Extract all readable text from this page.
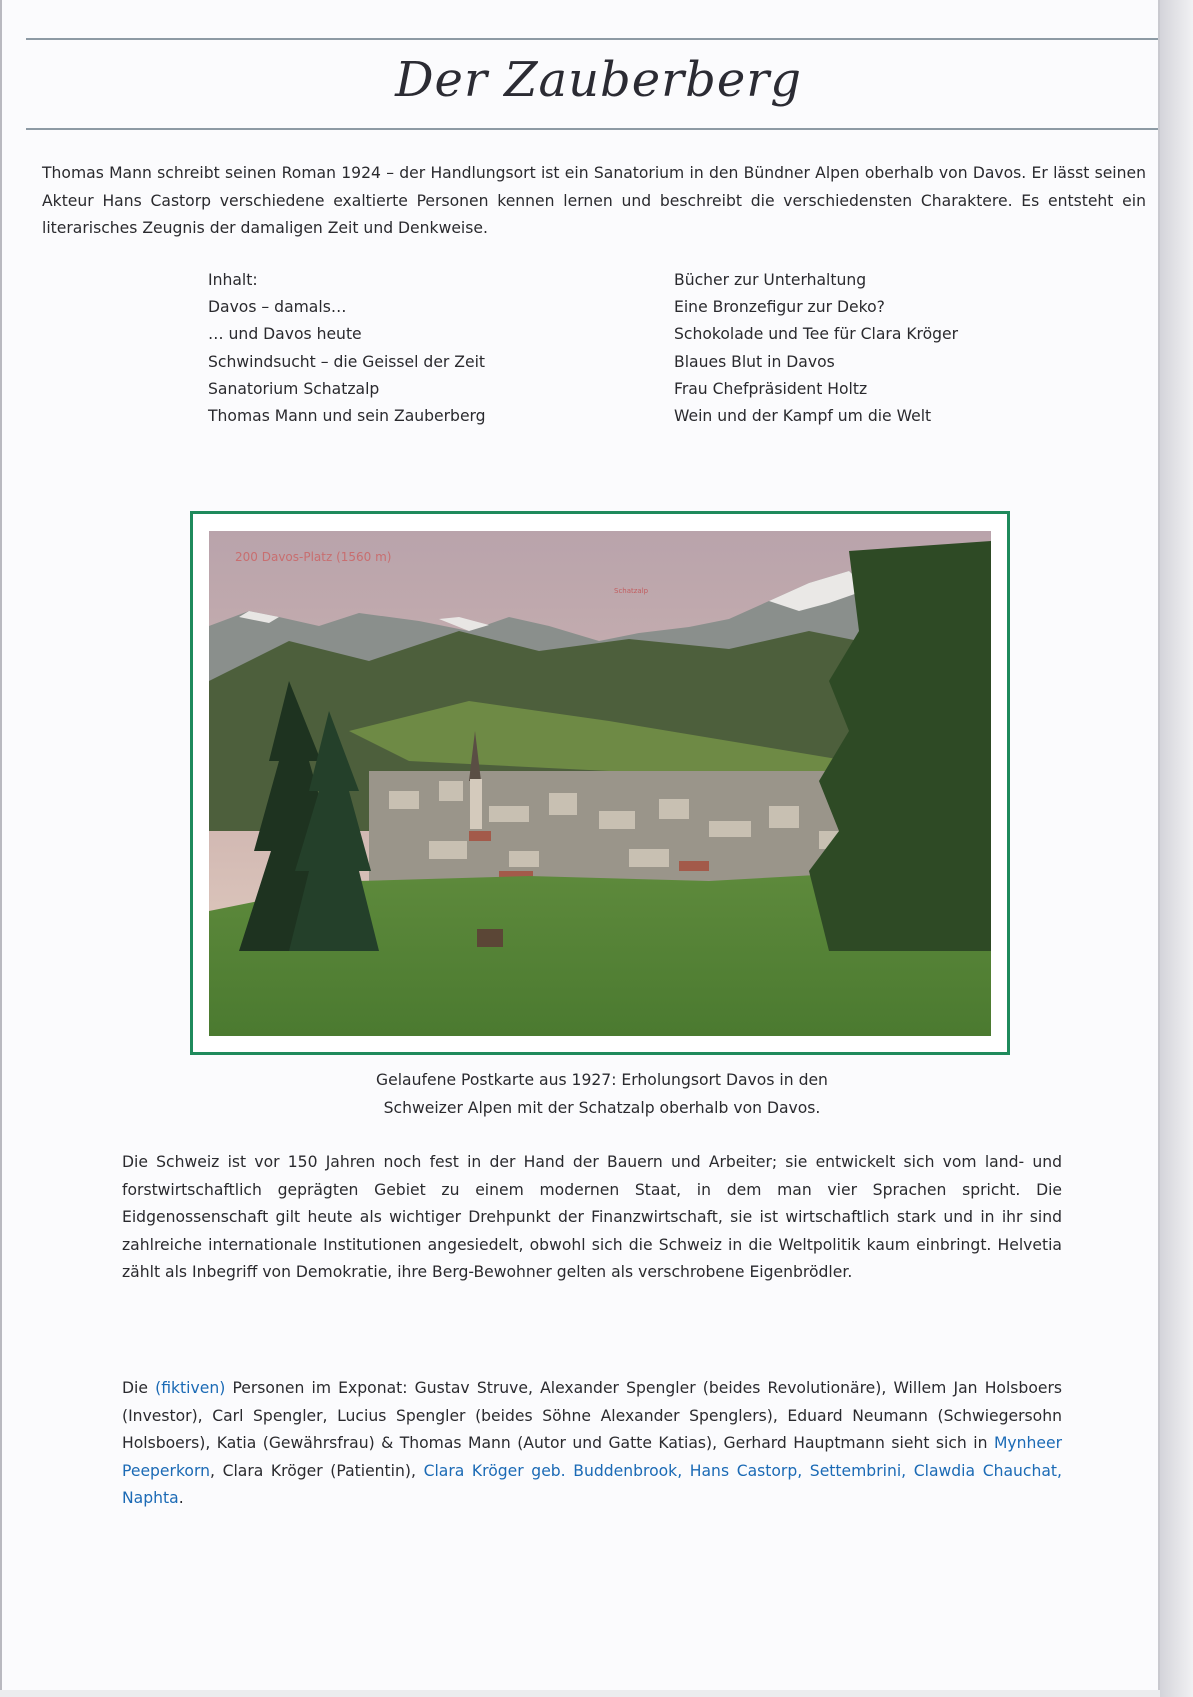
Der Zauberberg
Thomas Mann schreibt seinen Roman 1924 – der Handlungsort ist ein Sanatorium in den Bündner Alpen oberhalb von Davos. Er lässt seinen Akteur Hans Castorp verschiedene exaltierte Personen kennen lernen und beschreibt die verschiedensten Charaktere. Es entsteht ein literarisches Zeugnis der damaligen Zeit und Denkweise.
Inhalt:
Davos – damals…
… und Davos heute
Schwindsucht – die Geissel der Zeit
Sanatorium Schatzalp
Thomas Mann und sein Zauberberg
Bücher zur Unterhaltung
Eine Bronzefigur zur Deko?
Schokolade und Tee für Clara Kröger
Blaues Blut in Davos
Frau Chefpräsident Holtz
Wein und der Kampf um die Welt
200 Davos-Platz (1560 m)
Schatzalp
Gelaufene Postkarte aus 1927: Erholungsort Davos in den
Schweizer Alpen mit der Schatzalp oberhalb von Davos.
Die Schweiz ist vor 150 Jahren noch fest in der Hand der Bauern und Arbeiter; sie entwickelt sich vom land- und forstwirtschaftlich geprägten Gebiet zu einem modernen Staat, in dem man vier Sprachen spricht. Die Eidgenossenschaft gilt heute als wichtiger Drehpunkt der Finanzwirtschaft, sie ist wirtschaftlich stark und in ihr sind zahlreiche internationale Institutionen angesiedelt, obwohl sich die Schweiz in die Weltpolitik kaum einbringt. Helvetia zählt als Inbegriff von Demokratie, ihre Berg-Bewohner gelten als verschrobene Eigenbrödler.
Die (fiktiven) Personen im Exponat: Gustav Struve, Alexander Spengler (beides Revolutionäre), Willem Jan Holsboers (Investor), Carl Spengler, Lucius Spengler (beides Söhne Alexander Spenglers), Eduard Neumann (Schwiegersohn Holsboers), Katia (Gewährsfrau) & Thomas Mann (Autor und Gatte Katias), Gerhard Hauptmann sieht sich in Mynheer Peeperkorn, Clara Kröger (Patientin), Clara Kröger geb. Buddenbrook, Hans Castorp, Settembrini, Clawdia Chauchat, Naphta.
